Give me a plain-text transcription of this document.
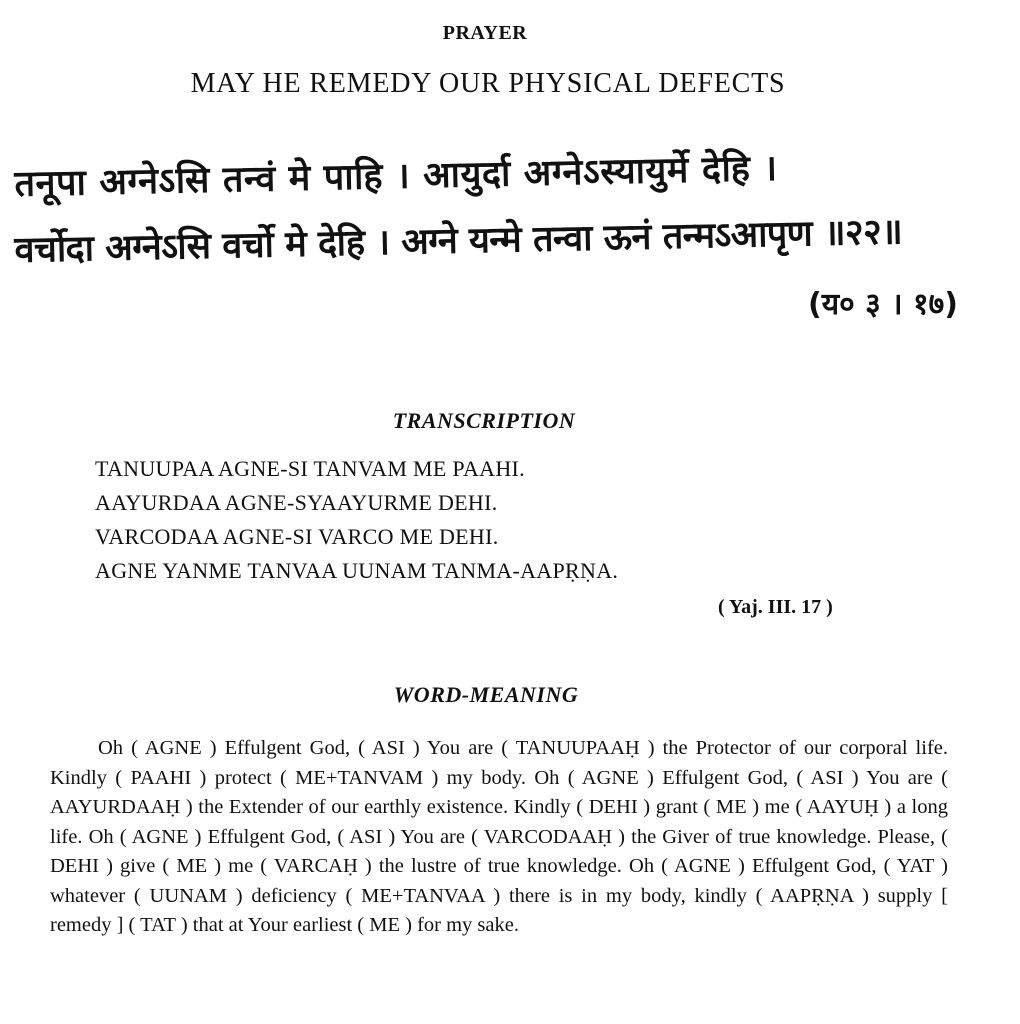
PRAYER
MAY HE REMEDY OUR PHYSICAL DEFECTS
तनूपा अग्नेऽसि तन्वं मे पाहि । आयुर्दा अग्नेऽस्यायुर्मे देहि ।
वर्चोदा अग्नेऽसि वर्चो मे देहि । अग्ने यन्मे तन्वा ऊनं तन्मऽआपृण ॥२२॥
(य० ३ । १७)
TRANSCRIPTION
TANUUPAA AGNE-SI TANVAM ME PAAHI.
AAYURDAA AGNE-SYAAYURME DEHI.
VARCODAA AGNE-SI VARCO ME DEHI.
AGNE YANME TANVAA UUNAM TANMA-AAPṚṆA.
( Yaj. III. 17 )
WORD-MEANING
Oh ( AGNE ) Effulgent God, ( ASI ) You are ( TANUUPAAḤ ) the Protector of our corporal life. Kindly ( PAAHI ) protect ( ME+TANVAM ) my body. Oh ( AGNE ) Effulgent God, ( ASI ) You are ( AAYURDAAḤ ) the Extender of our earthly existence. Kindly ( DEHI ) grant ( ME ) me ( AAYUḤ ) a long life. Oh ( AGNE ) Effulgent God, ( ASI ) You are ( VARCODAAḤ ) the Giver of true knowledge. Please, ( DEHI ) give ( ME ) me ( VARCAḤ ) the lustre of true knowledge. Oh ( AGNE ) Effulgent God, ( YAT ) whatever ( UUNAM ) deficiency ( ME+TANVAA ) there is in my body, kindly ( AAPṚṆA ) supply [ remedy ] ( TAT ) that at Your earliest ( ME ) for my sake.
